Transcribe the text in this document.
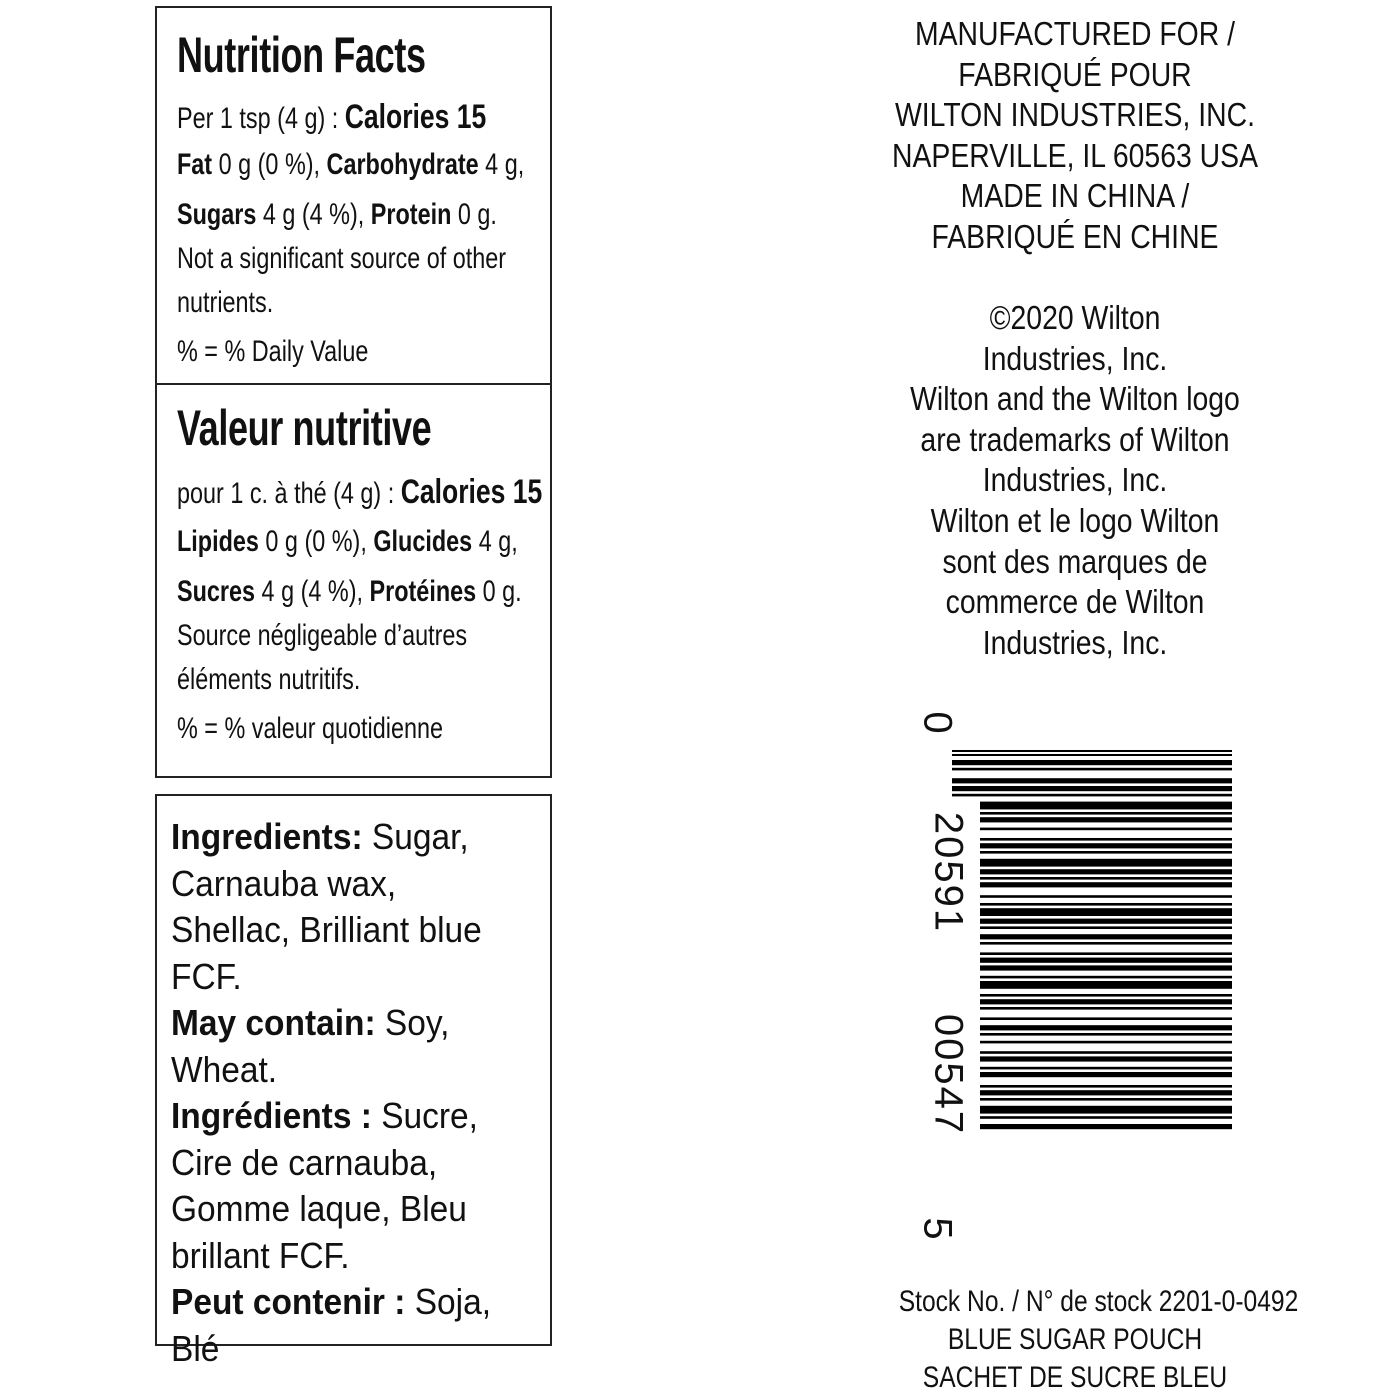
Nutrition Facts
Per 1 tsp (4 g) : Calories 15
Fat 0 g (0 %), Carbohydrate 4 g,
Sugars 4 g (4 %), Protein 0 g.
Not a significant source of other
nutrients.
% = % Daily Value
Valeur nutritive
pour 1 c. à thé (4 g) : Calories 15
Lipides 0 g (0 %), Glucides 4 g,
Sucres 4 g (4 %), Protéines 0 g.
Source négligeable d’autres
éléments nutritifs.
% = % valeur quotidienne
Ingredients: Sugar, Carnauba wax, Shellac, Brilliant blue FCF.
May contain: Soy, Wheat.
Ingrédients : Sucre, Cire de carnauba, Gomme laque, Bleu brillant FCF.
Peut contenir : Soja, Blé
MANUFACTURED FOR /
FABRIQUÉ POUR
WILTON INDUSTRIES, INC.
NAPERVILLE, IL 60563 USA
MADE IN CHINA /
FABRIQUÉ EN CHINE
©2020 Wilton
Industries, Inc.
Wilton and the Wilton logo
are trademarks of Wilton
Industries, Inc.
Wilton et le logo Wilton
sont des marques de
commerce de Wilton
Industries, Inc.
0
20591
00547
5
Stock No. / N° de stock 2201-0-0492
BLUE SUGAR POUCH
SACHET DE SUCRE BLEU
